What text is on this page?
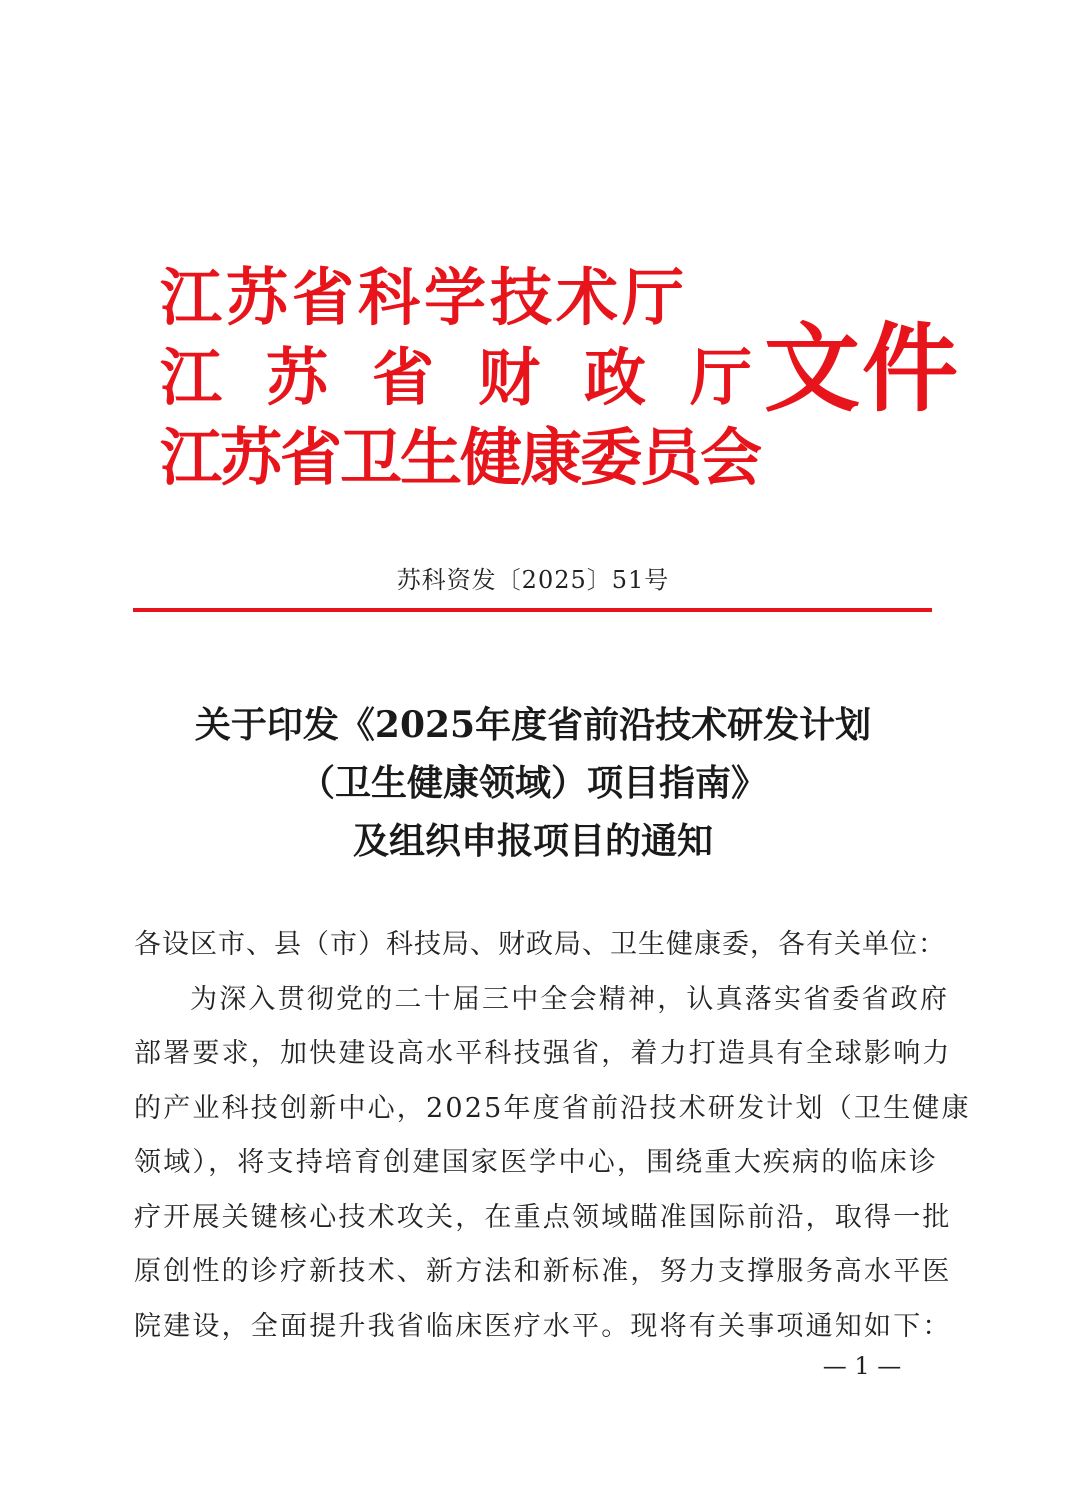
江苏省科学技术厅
江苏省财政厅
江苏省卫生健康委员会
文件
苏科资发〔2025〕51号
关于印发《2025年度省前沿技术研发计划
（卫生健康领域）项目指南》
及组织申报项目的通知
各设区市、县（市）科技局、财政局、卫生健康委，各有关单位：
为深入贯彻党的二十届三中全会精神，认真落实省委省政府
部署要求，加快建设高水平科技强省，着力打造具有全球影响力
的产业科技创新中心，2025年度省前沿技术研发计划（卫生健康
领域），将支持培育创建国家医学中心，围绕重大疾病的临床诊
疗开展关键核心技术攻关，在重点领域瞄准国际前沿，取得一批
原创性的诊疗新技术、新方法和新标准，努力支撑服务高水平医
院建设，全面提升我省临床医疗水平。现将有关事项通知如下：
— 1 —
